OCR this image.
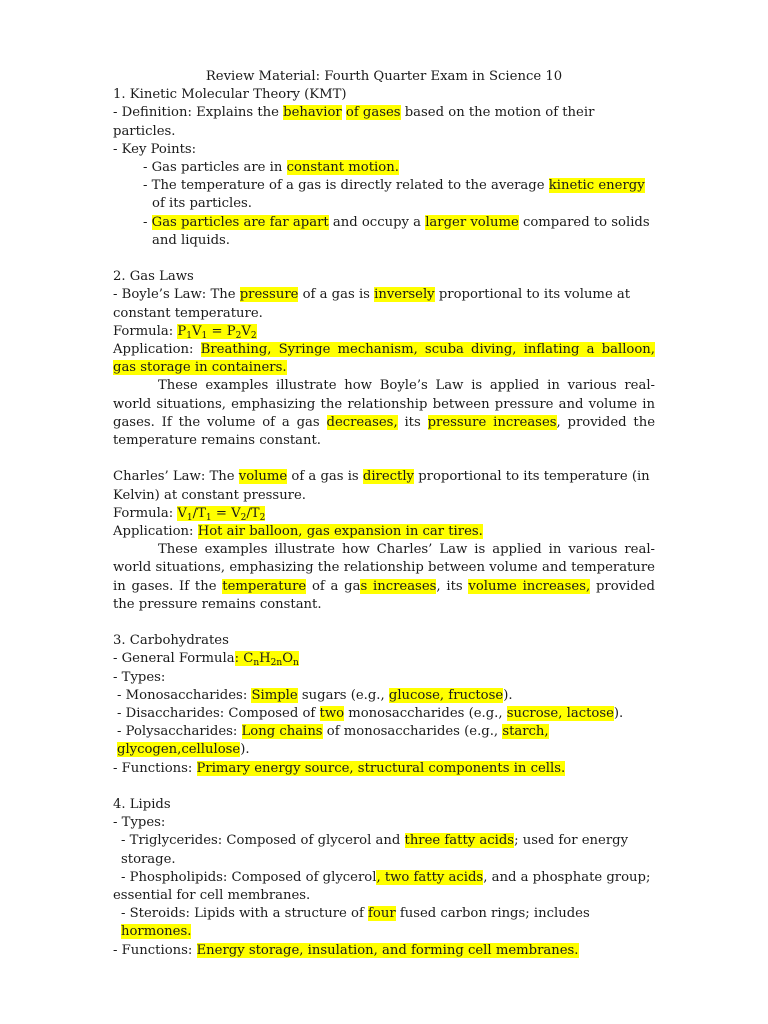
Review Material: Fourth Quarter Exam in Science 10

1. Kinetic Molecular Theory (KMT)

- Definition: Explains the behavior of gases based on the motion of their particles.

- Key Points:

- Gas particles are in constant motion.

- The temperature of a gas is directly related to the average kinetic energy of its particles.

- Gas particles are far apart and occupy a larger volume compared to solids and liquids.

2. Gas Laws

- Boyle’s Law: The pressure of a gas is inversely proportional to its volume at constant temperature.

Formula: $P_1V_1 = P_2V_2$

Application: Breathing, Syringe mechanism, scuba diving, inflating a balloon, gas storage in containers.

These examples illustrate how Boyle’s Law is applied in various real-world situations, emphasizing the relationship between pressure and volume in gases. If the volume of a gas decreases, its pressure increases, provided the temperature remains constant.

Charles’ Law: The volume of a gas is directly proportional to its temperature (in Kelvin) at constant pressure.

Formula: $V_1/T_1 = V_2/T_2$

Application: Hot air balloon, gas expansion in car tires.

These examples illustrate how Charles’ Law is applied in various real-world situations, emphasizing the relationship between volume and temperature in gases. If the temperature of a gas increases, its volume increases, provided the pressure remains constant.

3. Carbohydrates

- General Formula: $C_nH_{2n}O_n$

- Types:

- Monosaccharides: Simple sugars (e.g., glucose, fructose).

- Disaccharides: Composed of two monosaccharides (e.g., sucrose, lactose).

- Polysaccharides: Long chains of monosaccharides (e.g., starch, glycogen,cellulose).

- Functions: Primary energy source, structural components in cells.

4. Lipids

- Types:

- Triglycerides: Composed of glycerol and three fatty acids; used for energy storage.

- Phospholipids: Composed of glycerol, two fatty acids, and a phosphate group; essential for cell membranes.

- Steroids: Lipids with a structure of four fused carbon rings; includes hormones.

- Functions: Energy storage, insulation, and forming cell membranes.
